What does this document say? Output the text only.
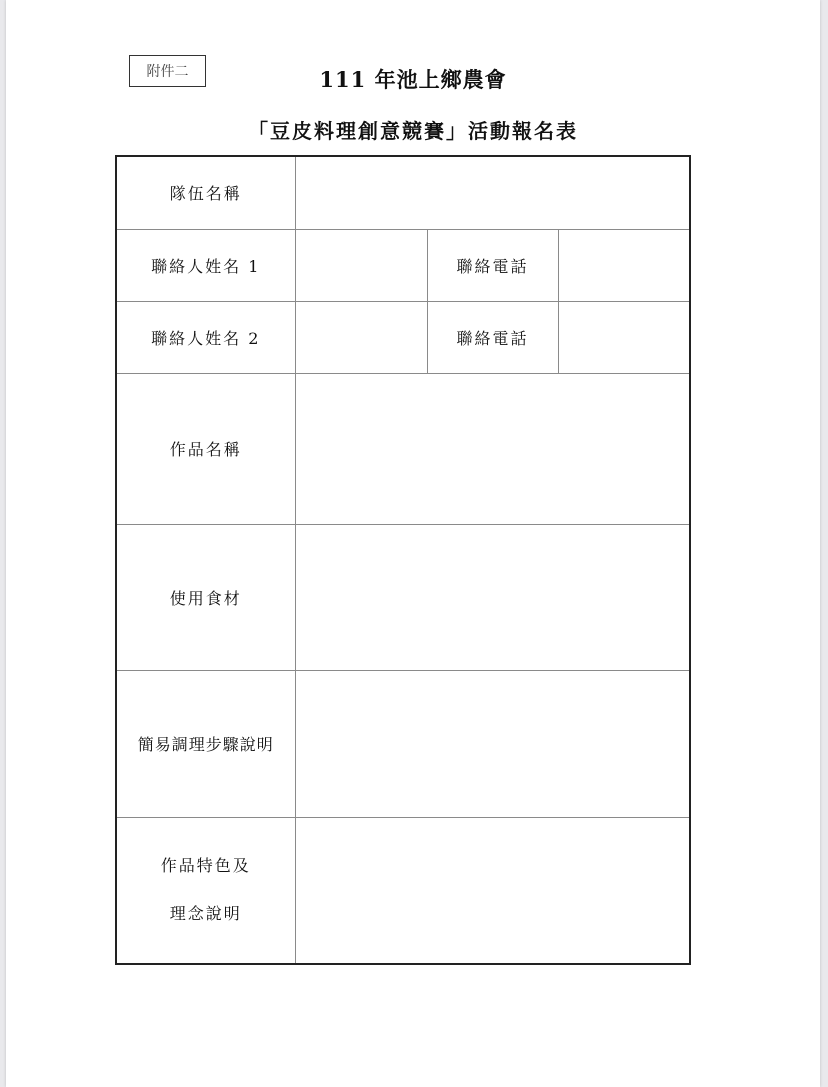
附件二	111 年池上鄉農會
「豆皮料理創意競賽」活動報名表
隊伍名稱			
聯絡人姓名 1		聯絡電話	
聯絡人姓名 2		聯絡電話	
作品名稱			
使用食材			
簡易調理步驟說明			

作品特色及
理念說明			
